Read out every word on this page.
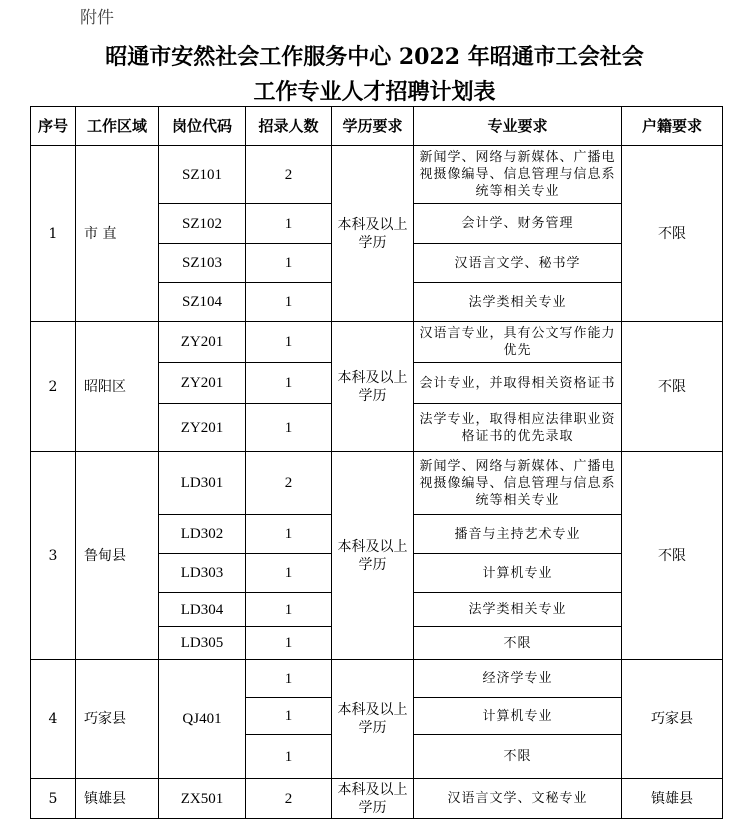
附件
昭通市安然社会工作服务中心 2022 年昭通市工会社会
工作专业人才招聘计划表
序号	工作区域	岗位代码	招录人数	学历要求	专业要求	户籍要求
1	市 直	SZ101	2	本科及以上学历	新闻学、网络与新媒体、广播电视摄像编导、信息管理与信息系统等相关专业	不限
		SZ102	1		会计学、财务管理	
		SZ103	1		汉语言文学、秘书学	
		SZ104	1		法学类相关专业	
2	昭阳区	ZY201	1	本科及以上学历	汉语言专业，具有公文写作能力优先	不限
		ZY201	1		会计专业，并取得相关资格证书	
		ZY201	1		法学专业，取得相应法律职业资格证书的优先录取	
3	鲁甸县	LD301	2	本科及以上学历	新闻学、网络与新媒体、广播电视摄像编导、信息管理与信息系统等相关专业	不限
		LD302	1		播音与主持艺术专业	
		LD303	1		计算机专业	
		LD304	1		法学类相关专业	
		LD305	1		不限	
4	巧家县	QJ401	1	本科及以上学历	经济学专业	巧家县
			1		计算机专业	
			1		不限	
5	镇雄县	ZX501	2	本科及以上学历	汉语言文学、文秘专业	镇雄县
